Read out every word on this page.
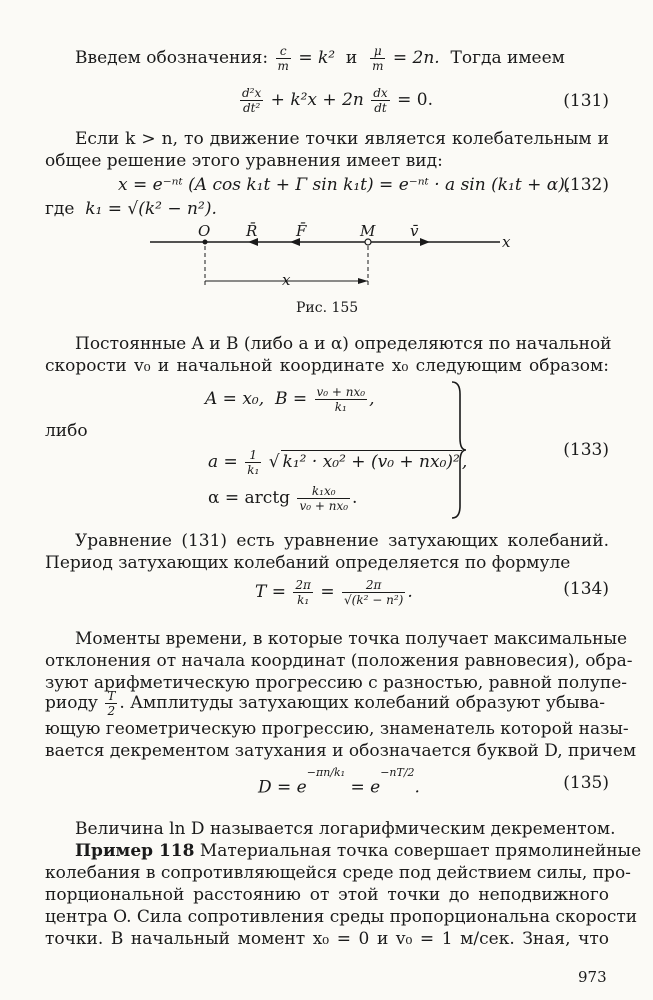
Введем обозначения: $\frac{c}{m} = k^2$ и $\frac{\mu}{m} = 2n$. Тогда имеем
$\frac{\text{d²x}}{\text{dt²}} + k^2x + 2n \frac{dx}{dt} = 0$.	(131)
Если k > n, то движение точки является колебательным и
общее решение этого уравнения имеет вид:
x = e⁻ⁿᵗ (A cos k₁t + Γ sin k₁t) = e⁻ⁿᵗ · a sin (k₁t + α),
(132)
где k₁ = √(k² − n²).
O R̄	F̄	M v̄
x
x
Рис. 155
Постоянные A и B (либо a и α) определяются по начальной
скорости v₀ и начальной координате x₀ следующим образом:
A = x₀, $B = \frac{\text{v₀ + nx₀}}{\text{k₁}}$ ,
либо
$a = \frac{1}{\text{k₁}}$ √ k₁² · x₀² + (v₀ + nx₀)² ,
α = arctg $\frac{\text{k₁x₀}}{\text{v₀ + nx₀}}$ .
(133)
Уравнение (131) есть уравнение затухающих колебаний.
Период затухающих колебаний определяется по формуле
$T = \frac{2\pi}{\text{k₁}} = \frac{2\pi}{\text{√(k² − n²)}}$ .	(134)
Моменты времени, в которые точка получает максимальные
отклонения от начала координат (положения равновесия), обра-
зуют арифметическую прогрессию с разностью, равной полупе-
риоду $\frac{T}{2}$ . Амплитуды затухающих колебаний образуют убыва-
ющую геометрическую прогрессию, знаменатель которой назы-
вается декрементом затухания и обозначается буквой D, причем
$D = e^{-\pi n/k_1} = e^{-nT/2}$.	(135)
Величина ln D называется логарифмическим декрементом.
Пример 118 Материальная точка совершает прямолинейные
колебания в сопротивляющейся среде под действием силы, про-
порциональной расстоянию от этой точки до неподвижного
центра O. Сила сопротивления среды пропорциональна скорости
точки. В начальный момент x₀ = 0 и v₀ = 1 м/сек. Зная, что
973
